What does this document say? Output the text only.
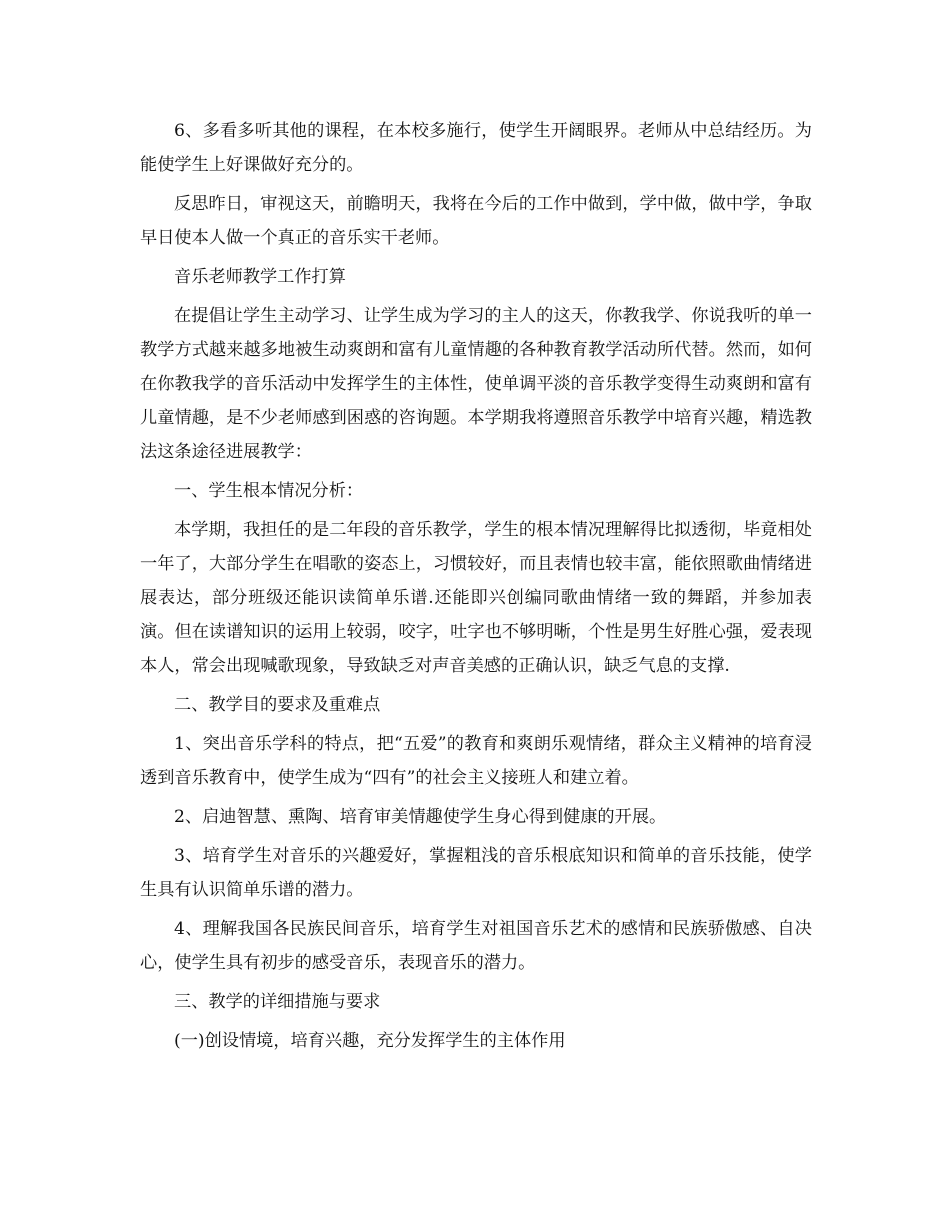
6、多看多听其他的课程，在本校多施行，使学生开阔眼界。老师从中总结经历。为能使学生上好课做好充分的。

反思昨日，审视这天，前瞻明天，我将在今后的工作中做到，学中做，做中学，争取早日使本人做一个真正的音乐实干老师。

音乐老师教学工作打算

在提倡让学生主动学习、让学生成为学习的主人的这天，你教我学、你说我听的单一教学方式越来越多地被生动爽朗和富有儿童情趣的各种教育教学活动所代替。然而，如何在你教我学的音乐活动中发挥学生的主体性，使单调平淡的音乐教学变得生动爽朗和富有儿童情趣，是不少老师感到困惑的咨询题。本学期我将遵照音乐教学中培育兴趣，精选教法这条途径进展教学：

一、学生根本情况分析：

本学期，我担任的是二年段的音乐教学，学生的根本情况理解得比拟透彻，毕竟相处一年了，大部分学生在唱歌的姿态上，习惯较好，而且表情也较丰富，能依照歌曲情绪进展表达，部分班级还能识读简单乐谱.还能即兴创编同歌曲情绪一致的舞蹈，并参加表演。但在读谱知识的运用上较弱，咬字，吐字也不够明晰，个性是男生好胜心强，爱表现本人，常会出现喊歌现象，导致缺乏对声音美感的正确认识，缺乏气息的支撑.

二、教学目的要求及重难点

1、突出音乐学科的特点，把“五爱”的教育和爽朗乐观情绪，群众主义精神的培育浸透到音乐教育中，使学生成为“四有”的社会主义接班人和建立着。

2、启迪智慧、熏陶、培育审美情趣使学生身心得到健康的开展。

3、培育学生对音乐的兴趣爱好，掌握粗浅的音乐根底知识和简单的音乐技能，使学生具有认识简单乐谱的潜力。

4、理解我国各民族民间音乐，培育学生对祖国音乐艺术的感情和民族骄傲感、自决心，使学生具有初步的感受音乐，表现音乐的潜力。

三、教学的详细措施与要求

(一)创设情境，培育兴趣，充分发挥学生的主体作用
